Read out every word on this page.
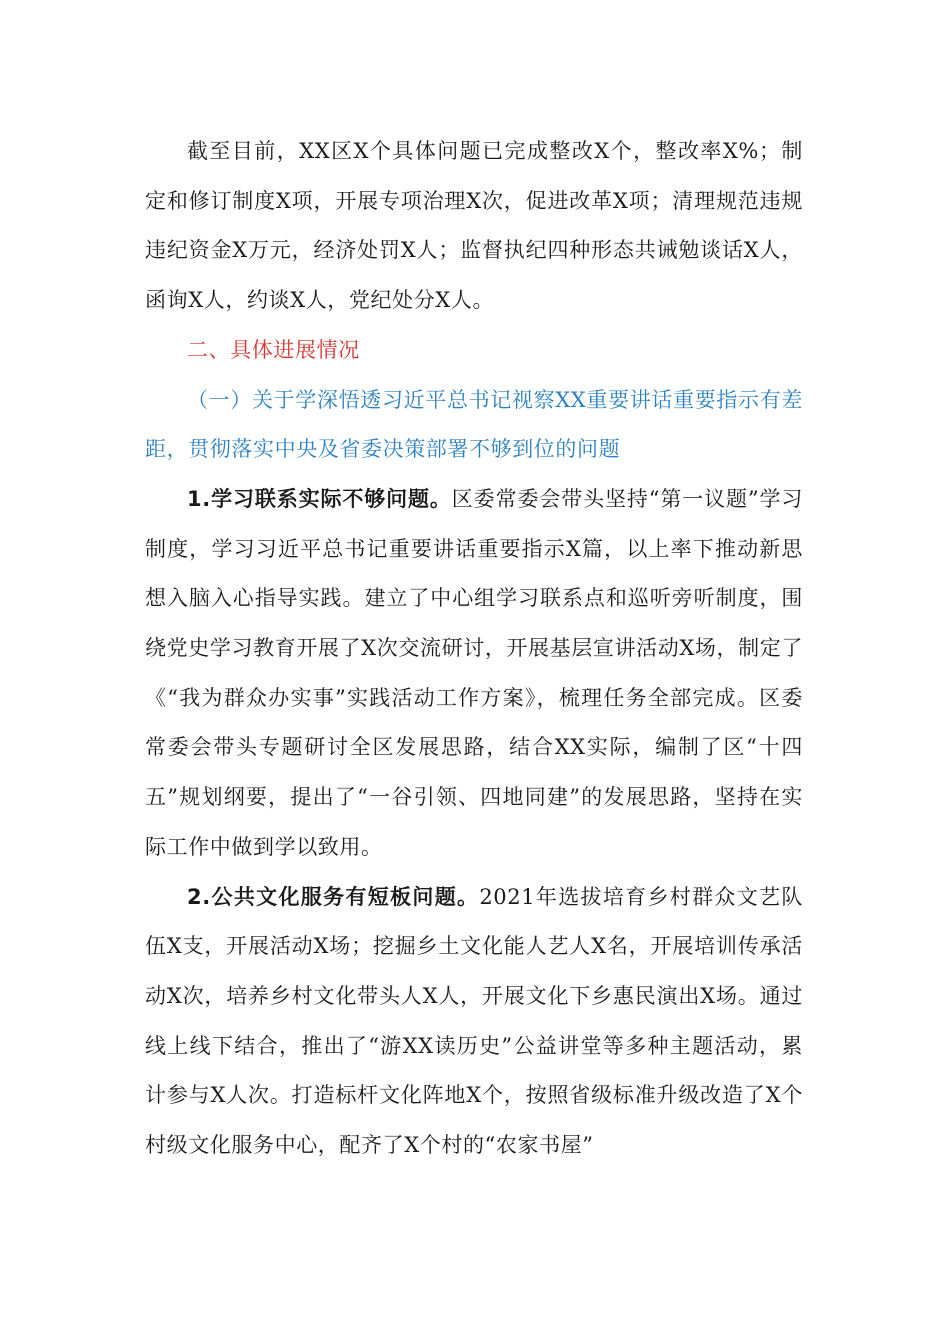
截至目前，XX区X个具体问题已完成整改X个，整改率X%；制定和修订制度X项，开展专项治理X次，促进改革X项；清理规范违规违纪资金X万元，经济处罚X人；监督执纪四种形态共诫勉谈话X人，函询X人，约谈X人，党纪处分X人。

二、具体进展情况

（一）关于学深悟透习近平总书记视察XX重要讲话重要指示有差距，贯彻落实中央及省委决策部署不够到位的问题

1.学习联系实际不够问题。区委常委会带头坚持“第一议题”学习制度，学习习近平总书记重要讲话重要指示X篇，以上率下推动新思想入脑入心指导实践。建立了中心组学习联系点和巡听旁听制度，围绕党史学习教育开展了X次交流研讨，开展基层宣讲活动X场，制定了《“我为群众办实事”实践活动工作方案》，梳理任务全部完成。区委常委会带头专题研讨全区发展思路，结合XX实际，编制了区“十四五”规划纲要，提出了“一谷引领、四地同建”的发展思路，坚持在实际工作中做到学以致用。

2.公共文化服务有短板问题。2021年选拔培育乡村群众文艺队伍X支，开展活动X场；挖掘乡土文化能人艺人X名，开展培训传承活动X次，培养乡村文化带头人X人，开展文化下乡惠民演出X场。通过线上线下结合，推出了“游XX读历史”公益讲堂等多种主题活动，累计参与X人次。打造标杆文化阵地X个，按照省级标准升级改造了X个村级文化服务中心，配齐了X个村的“农家书屋”
